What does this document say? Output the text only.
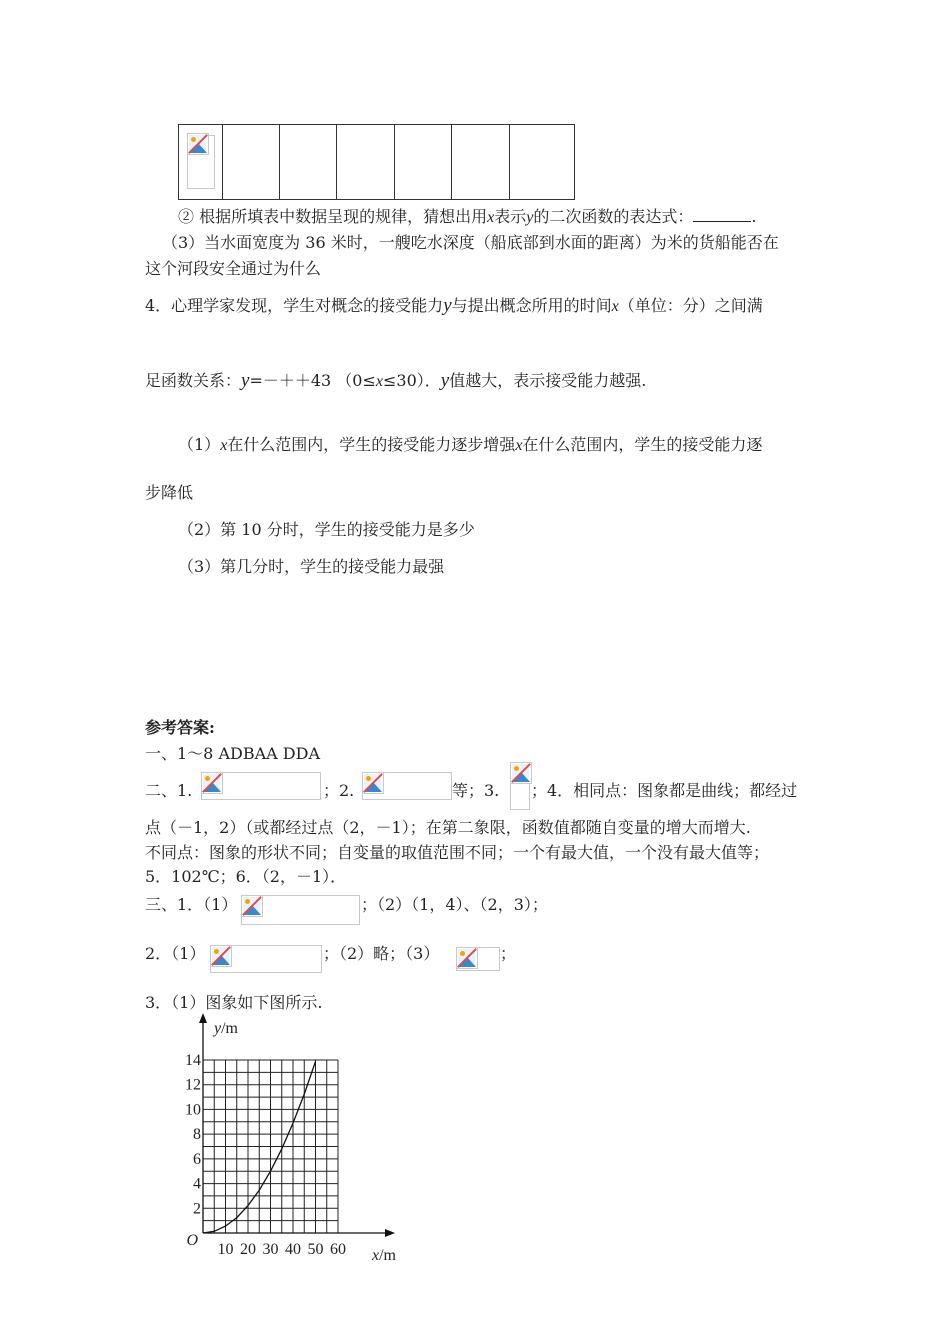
② 根据所填表中数据呈现的规律，猜想出用x表示y的二次函数的表达式：	.
（3）当水面宽度为 36 米时，一艘吃水深度（船底部到水面的距离）为米的货船能否在
这个河段安全通过为什么
4．心理学家发现，学生对概念的接受能力y与提出概念所用的时间x（单位：分）之间满
足函数关系：y=－＋＋43 （0≤x≤30）．y值越大，表示接受能力越强.
（1）x在什么范围内，学生的接受能力逐步增强x在什么范围内，学生的接受能力逐
步降低
（2）第 10 分时，学生的接受能力是多少
（3）第几分时，学生的接受能力最强
参考答案:
一、1～8 ADBAA DDA
二、1.	；2.	等；3. ；4．相同点：图象都是曲线；都经过
点（－1，2）（或都经过点（2，－1）；在第二象限，函数值都随自变量的增大而增大.
不同点：图象的形状不同；自变量的取值范围不同；一个有最大值，一个没有最大值等；
5．102℃；6．（2，－1）．
三、1．（1）	；（2）（1，4）、（2，3）；
2．（1）	；（2）略；（3）	；
3．（1）图象如下图所示.
10 20 30 40 50 60
2
4
6
8
10
12
14
O
y/m
x/m
